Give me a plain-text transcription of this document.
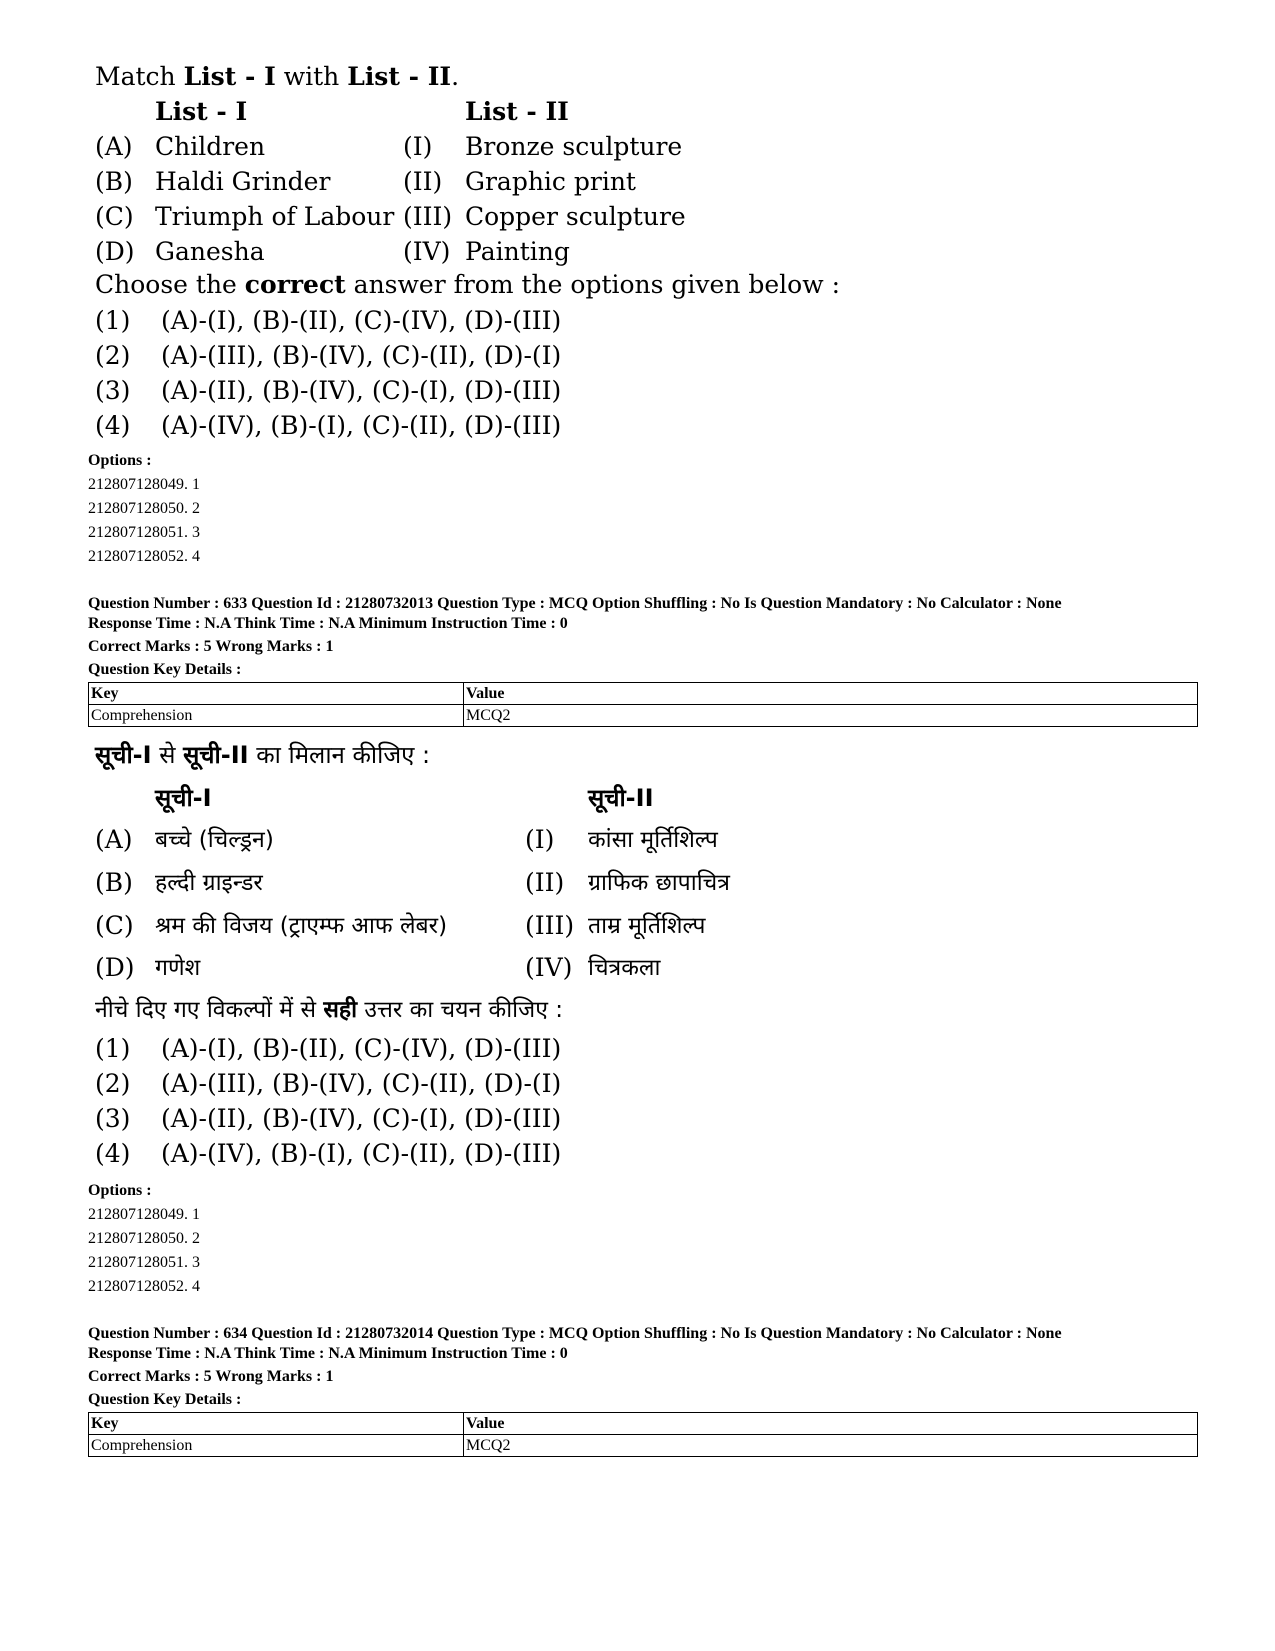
Match List - I with List - II.
List - I	List - II
(A) Children	(I) Bronze sculpture
(B) Haldi Grinder	(II) Graphic print
(C) Triumph of Labour (III) Copper sculpture
(D) Ganesha	(IV) Painting
Choose the correct answer from the options given below :
(1) (A)-(I), (B)-(II), (C)-(IV), (D)-(III)
(2) (A)-(III), (B)-(IV), (C)-(II), (D)-(I)
(3) (A)-(II), (B)-(IV), (C)-(I), (D)-(III)
(4) (A)-(IV), (B)-(I), (C)-(II), (D)-(III)
Options :
212807128049. 1
212807128050. 2
212807128051. 3
212807128052. 4
Question Number : 633 Question Id : 21280732013 Question Type : MCQ Option Shuffling : No Is Question Mandatory : No Calculator : None
Response Time : N.A Think Time : N.A Minimum Instruction Time : 0
Correct Marks : 5 Wrong Marks : 1
Question Key Details :
Key	Value
Comprehension	MCQ2
सूची-I से सूची-II का मिलान कीजिए :
सूची-I	सूची-II
(A) बच्चे (चिल्ड्रन)	(I) कांसा मूर्तिशिल्प
(B) हल्दी ग्राइन्डर	(II) ग्राफिक छापाचित्र
(C) श्रम की विजय (ट्राएम्फ आफ लेबर)	(III) ताम्र मूर्तिशिल्प
(D) गणेश	(IV) चित्रकला
नीचे दिए गए विकल्पों में से सही उत्तर का चयन कीजिए :
(1) (A)-(I), (B)-(II), (C)-(IV), (D)-(III)
(2) (A)-(III), (B)-(IV), (C)-(II), (D)-(I)
(3) (A)-(II), (B)-(IV), (C)-(I), (D)-(III)
(4) (A)-(IV), (B)-(I), (C)-(II), (D)-(III)
Options :
212807128049. 1
212807128050. 2
212807128051. 3
212807128052. 4
Question Number : 634 Question Id : 21280732014 Question Type : MCQ Option Shuffling : No Is Question Mandatory : No Calculator : None
Response Time : N.A Think Time : N.A Minimum Instruction Time : 0
Correct Marks : 5 Wrong Marks : 1
Question Key Details :
Key	Value
Comprehension	MCQ2
